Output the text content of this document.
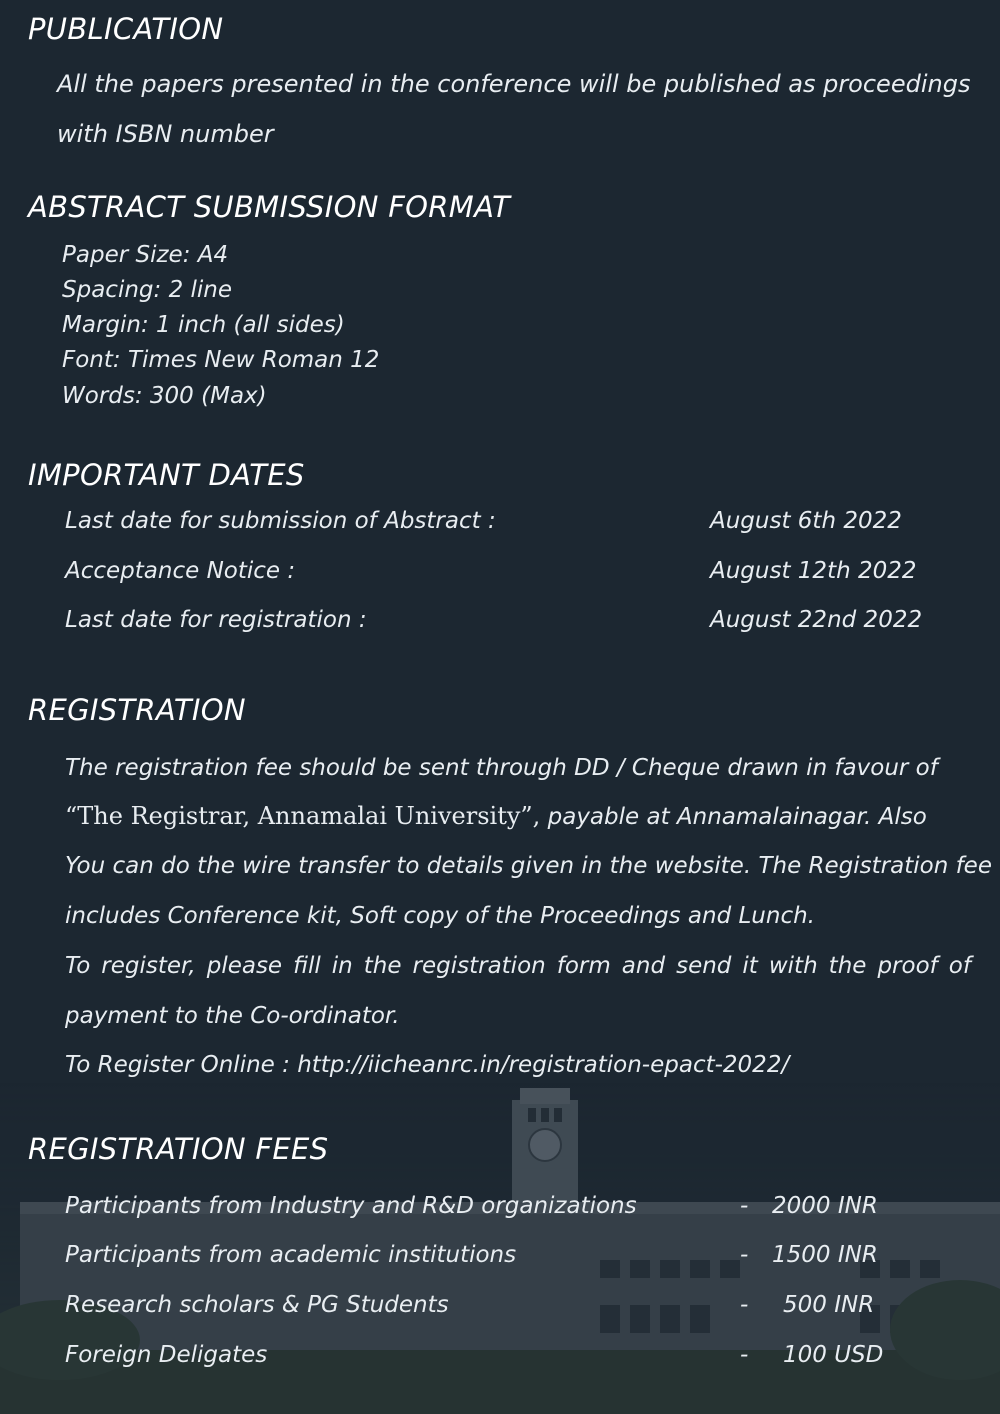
PUBLICATION
All the papers presented in the conference will be published as proceedings
with ISBN number
ABSTRACT SUBMISSION FORMAT
Paper Size: A4
Spacing: 2 line
Margin: 1 inch (all sides)
Font: Times New Roman 12
Words: 300 (Max)
IMPORTANT DATES
Last date for submission of Abstract :	August 6th 2022
Acceptance Notice :	August 12th 2022
Last date for registration :	August 22nd 2022
REGISTRATION
The registration fee should be sent through DD / Cheque drawn in favour of
“The Registrar, Annamalai University”, payable at Annamalainagar. Also
You can do the wire transfer to details given in the website. The Registration fee
includes Conference kit, Soft copy of the Proceedings and Lunch.
To register, please fill in the registration form and send it with the proof of
payment to the Co-ordinator.
To Register Online : http://iicheanrc.in/registration-epact-2022/
REGISTRATION FEES
Participants from Industry and R&D organizations	- 2000 INR
Participants from academic institutions	- 1500 INR
Research scholars & PG Students	- 500 INR
Foreign Deligates	- 100 USD
